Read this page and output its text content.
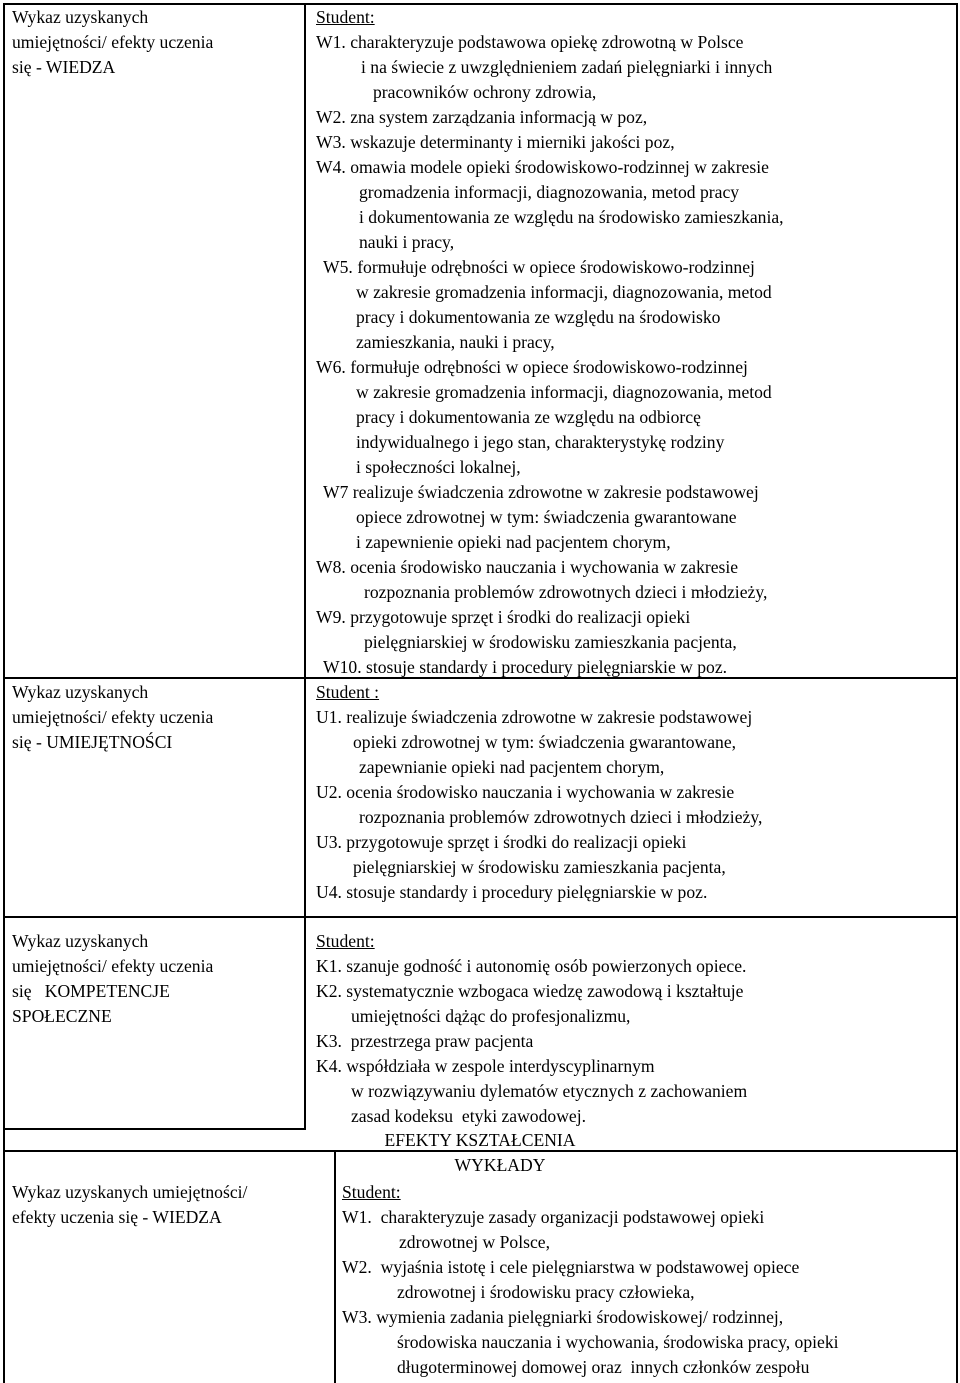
Wykaz uzyskanych
umiejętności/ efekty uczenia
się - WIEDZA
Student:
W1. charakteryzuje podstawowa opiekę zdrowotną w Polsce
i na świecie z uwzględnieniem zadań pielęgniarki i innych
pracowników ochrony zdrowia,
W2. zna system zarządzania informacją w poz,
W3. wskazuje determinanty i mierniki jakości poz,
W4. omawia modele opieki środowiskowo-rodzinnej w zakresie
gromadzenia informacji, diagnozowania, metod pracy
i dokumentowania ze względu na środowisko zamieszkania,
nauki i pracy,
W5. formułuje odrębności w opiece środowiskowo-rodzinnej
w zakresie gromadzenia informacji, diagnozowania, metod
pracy i dokumentowania ze względu na środowisko
zamieszkania, nauki i pracy,
W6. formułuje odrębności w opiece środowiskowo-rodzinnej
w zakresie gromadzenia informacji, diagnozowania, metod
pracy i dokumentowania ze względu na odbiorcę
indywidualnego i jego stan, charakterystykę rodziny
i społeczności lokalnej,
W7 realizuje świadczenia zdrowotne w zakresie podstawowej
opiece zdrowotnej w tym: świadczenia gwarantowane
i zapewnienie opieki nad pacjentem chorym,
W8. ocenia środowisko nauczania i wychowania w zakresie
rozpoznania problemów zdrowotnych dzieci i młodzieży,
W9. przygotowuje sprzęt i środki do realizacji opieki
pielęgniarskiej w środowisku zamieszkania pacjenta,
W10. stosuje standardy i procedury pielęgniarskie w poz.
Wykaz uzyskanych
umiejętności/ efekty uczenia
się - UMIEJĘTNOŚCI
Student :
U1. realizuje świadczenia zdrowotne w zakresie podstawowej
opieki zdrowotnej w tym: świadczenia gwarantowane,
zapewnianie opieki nad pacjentem chorym,
U2. ocenia środowisko nauczania i wychowania w zakresie
rozpoznania problemów zdrowotnych dzieci i młodzieży,
U3. przygotowuje sprzęt i środki do realizacji opieki
pielęgniarskiej w środowisku zamieszkania pacjenta,
U4. stosuje standardy i procedury pielęgniarskie w poz.
Wykaz uzyskanych
umiejętności/ efekty uczenia
się   KOMPETENCJE
SPOŁECZNE
Student:
K1. szanuje godność i autonomię osób powierzonych opiece.
K2. systematycznie wzbogaca wiedzę zawodową i kształtuje
umiejętności dążąc do profesjonalizmu,
K3.  przestrzega praw pacjenta
K4. współdziała w zespole interdyscyplinarnym
w rozwiązywaniu dylematów etycznych z zachowaniem
zasad kodeksu  etyki zawodowej.
EFEKTY KSZTAŁCENIA
WYKŁADY
Wykaz uzyskanych umiejętności/
efekty uczenia się - WIEDZA
Student:
W1.  charakteryzuje zasady organizacji podstawowej opieki
zdrowotnej w Polsce,
W2.  wyjaśnia istotę i cele pielęgniarstwa w podstawowej opiece
zdrowotnej i środowisku pracy człowieka,
W3. wymienia zadania pielęgniarki środowiskowej/ rodzinnej,
środowiska nauczania i wychowania, środowiska pracy, opieki
długoterminowej domowej oraz  innych członków zespołu
